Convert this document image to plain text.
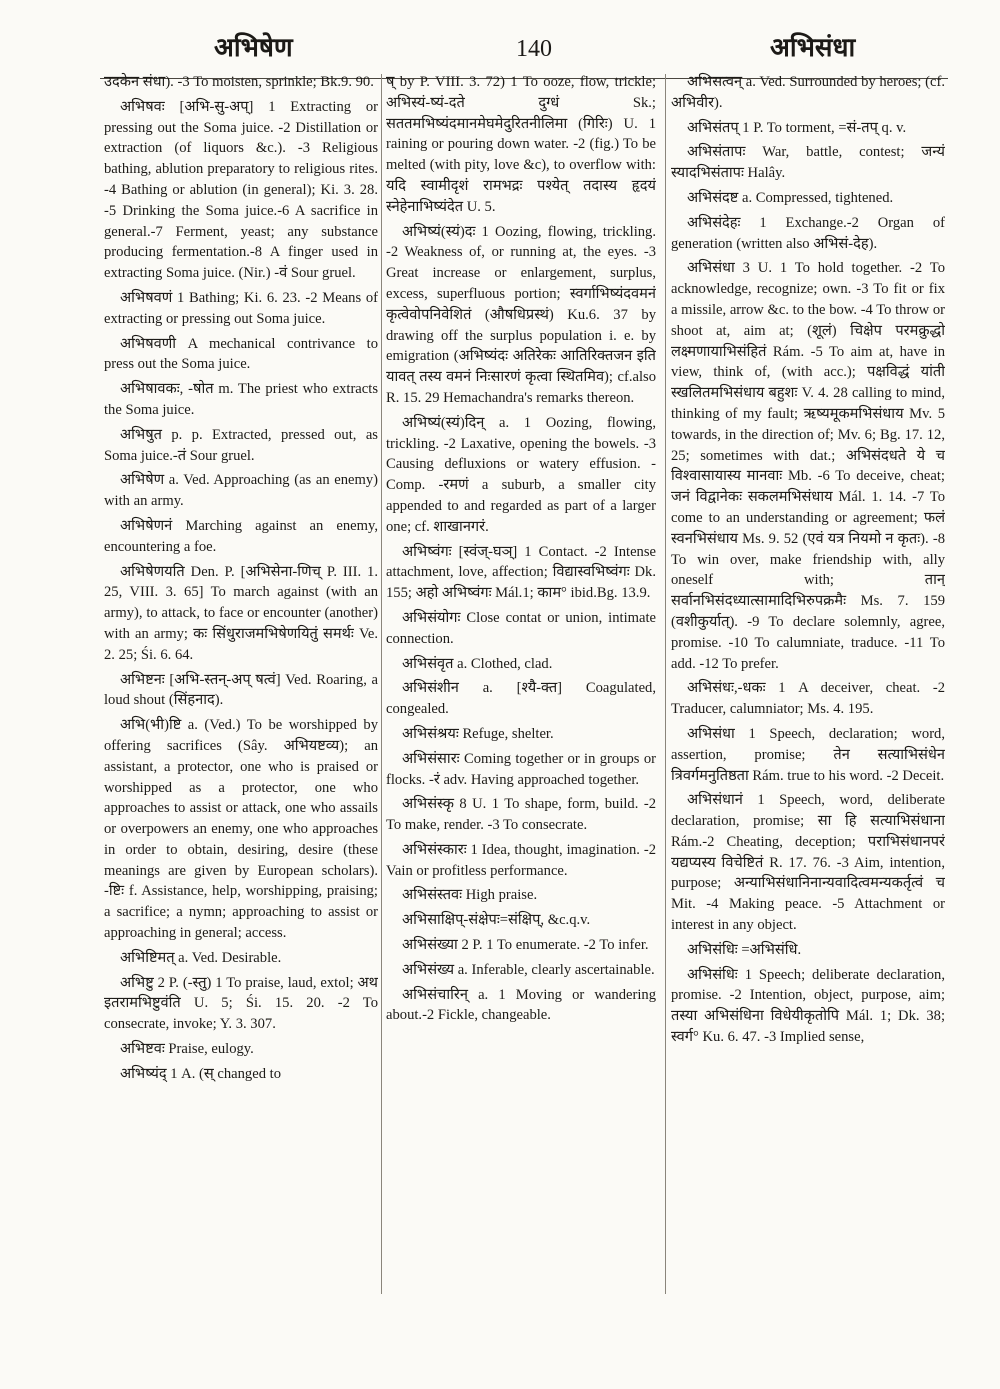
अभिषेण	140	अभिसंधा

उदकेन संधा). -3 To moisten, sprinkle; Bk.9. 90.

अभिषवः [अभि-सु-अप्] 1 Extracting or pressing out the Soma juice. -2 Distillation or extraction (of liquors &c.). -3 Religious bathing, ablution preparatory to religious rites. -4 Bathing or ablution (in general); Ki. 3. 28. -5 Drinking the Soma juice.-6 A sacrifice in general.-7 Ferment, yeast; any substance producing fermentation.-8 A finger used in extracting Soma juice. (Nir.) -वं Sour gruel.

अभिषवणं 1 Bathing; Ki. 6. 23. -2 Means of extracting or pressing out Soma juice.

अभिषवणी A mechanical contrivance to press out the Soma juice.

अभिषावकः, -षोत m. The priest who extracts the Soma juice.

अभिषुत p. p. Extracted, pressed out, as Soma juice.-तं Sour gruel.

अभिषेण a. Ved. Approaching (as an enemy) with an army.

अभिषेणनं Marching against an enemy, encountering a foe.

अभिषेणयति Den. P. [अभिसेना-णिच् P. III. 1. 25, VIII. 3. 65] To march against (with an army), to attack, to face or encounter (another) with an army; कः सिंधुराजमभिषेणयितुं समर्थः Ve. 2. 25; Śi. 6. 64.

अभिष्टनः [अभि-स्तन्-अप् षत्वं] Ved. Roaring, a loud shout (सिंहनाद).

अभि(भी)ष्टि a. (Ved.) To be worshipped by offering sacrifices (Sây. अभियष्टव्य); an assistant, a protector, one who is praised or worshipped as a protector, one who approaches to assist or attack, one who assails or overpowers an enemy, one who approaches in order to obtain, desiring, desire (these meanings are given by European scholars). -ष्टिः f. Assistance, help, worshipping, praising; a sacrifice; a nymn; approaching to assist or approaching in general; access.

अभिष्टिमत् a. Ved. Desirable.

अभिष्टु 2 P. (-स्तु) 1 To praise, laud, extol; अथ इतरामभिष्टुवंति U. 5; Śi. 15. 20. -2 To consecrate, invoke; Y. 3. 307.

अभिष्टवः Praise, eulogy.

अभिष्यंद् 1 A. (स् changed to

ष् by P. VIII. 3. 72) 1 To ooze, flow, trickle; अभिस्यं-ष्यं-दते दुग्धं Sk.; सततमभिष्यंदमानमेघमेदुरितनीलिमा (गिरिः) U. 1 raining or pouring down water. -2 (fig.) To be melted (with pity, love &c), to overflow with: यदि स्वामीदृशं रामभद्रः पश्येत् तदास्य हृदयं स्नेहेनाभिष्यंदेत U. 5.

अभिष्यं(स्यं)दः 1 Oozing, flowing, trickling. -2 Weakness of, or running at, the eyes. -3 Great increase or enlargement, surplus, excess, superfluous portion; स्वर्गाभिष्यंदवमनं कृत्वेवोपनिवेशितं (औषधिप्रस्थं) Ku.6. 37 by drawing off the surplus population i. e. by emigration (अभिष्यंदः अतिरेकः आतिरिक्तजन इति यावत् तस्य वमनं निःसारणं कृत्वा स्थितमिव); cf.also R. 15. 29 Hemachandra's remarks thereon.

अभिष्यं(स्यं)दिन् a. 1 Oozing, flowing, trickling. -2 Laxative, opening the bowels. -3 Causing defluxions or watery effusion. -Comp. -रमणं a suburb, a smaller city appended to and regarded as part of a larger one; cf. शाखानगरं.

अभिष्वंगः [स्वंज्-घञ्] 1 Contact. -2 Intense attachment, love, affection; विद्यास्वभिष्वंगः Dk. 155; अहो अभिष्वंगः Mál.1; काम° ibid.Bg. 13.9.

अभिसंयोगः Close contat or union, intimate connection.

अभिसंवृत a. Clothed, clad.

अभिसंशीन a. [श्यै-क्त] Coagulated, congealed.

अभिसंश्रयः Refuge, shelter.

अभिसंसारः Coming together or in groups or flocks. -रं adv. Having approached together.

अभिसंस्कृ 8 U. 1 To shape, form, build. -2 To make, render. -3 To consecrate.

अभिसंस्कारः 1 Idea, thought, imagination. -2 Vain or profitless performance.

अभिसंस्तवः High praise.

अभिसाक्षिप्-संक्षेपः=संक्षिप्, &c.q.v.

अभिसंख्या 2 P. 1 To enumerate. -2 To infer.

अभिसंख्य a. Inferable, clearly ascertainable.

अभिसंचारिन् a. 1 Moving or wandering about.-2 Fickle, changeable.

अभिसत्वन् a. Ved. Surrounded by heroes; (cf. अभिवीर).

अभिसंतप् 1 P. To torment, =सं-तप् q. v.

अभिसंतापः War, battle, contest; जन्यं स्यादभिसंतापः Halây.

अभिसंदष्ट a. Compressed, tightened.

अभिसंदेहः 1 Exchange.-2 Organ of generation (written also अभिसं-देह).

अभिसंधा 3 U. 1 To hold together. -2 To acknowledge, recognize; own. -3 To fit or fix a missile, arrow &c. to the bow. -4 To throw or shoot at, aim at; (शूलं) चिक्षेप परमक्रुद्धो लक्ष्मणायाभिसंहितं Rám. -5 To aim at, have in view, think of, (with acc.); पक्षविद्धं यांती स्खलितमभिसंधाय बहुशः V. 4. 28 calling to mind, thinking of my fault; ऋष्यमूकमभिसंधाय Mv. 5 towards, in the direction of; Mv. 6; Bg. 17. 12, 25; sometimes with dat.; अभिसंदधते ये च विश्वासायास्य मानवाः Mb. -6 To deceive, cheat; जनं विद्वानेकः सकलमभिसंधाय Mál. 1. 14. -7 To come to an understanding or agreement; फलं स्वनभिसंधाय Ms. 9. 52 (एवं यत्र नियमो न कृतः). -8 To win over, make friendship with, ally oneself with; तान् सर्वानभिसंदध्यात्सामादिभिरुपक्रमैः Ms. 7. 159 (वशीकुर्यात्). -9 To declare solemnly, agree, promise. -10 To calumniate, traduce. -11 To add. -12 To prefer.

अभिसंधः,-धकः 1 A deceiver, cheat. -2 Traducer, calumniator; Ms. 4. 195.

अभिसंधा 1 Speech, declaration; word, assertion, promise; तेन सत्याभिसंधेन त्रिवर्गमनुतिष्ठता Rám. true to his word. -2 Deceit.

अभिसंधानं 1 Speech, word, deliberate declaration, promise; सा हि सत्याभिसंधाना Rám.-2 Cheating, deception; पराभिसंधानपरं यद्यप्यस्य विचेष्टितं R. 17. 76. -3 Aim, intention, purpose; अन्याभिसंधानिनान्यवादित्वमन्यकर्तृत्वं च Mit. -4 Making peace. -5 Attachment or interest in any object.

अभिसंधिः =अभिसंधि.

अभिसंधिः 1 Speech; deliberate declaration, promise. -2 Intention, object, purpose, aim; तस्या अभिसंधिना विधेयीकृतोपि Mál. 1; Dk. 38; स्वर्ग° Ku. 6. 47. -3 Implied sense,
